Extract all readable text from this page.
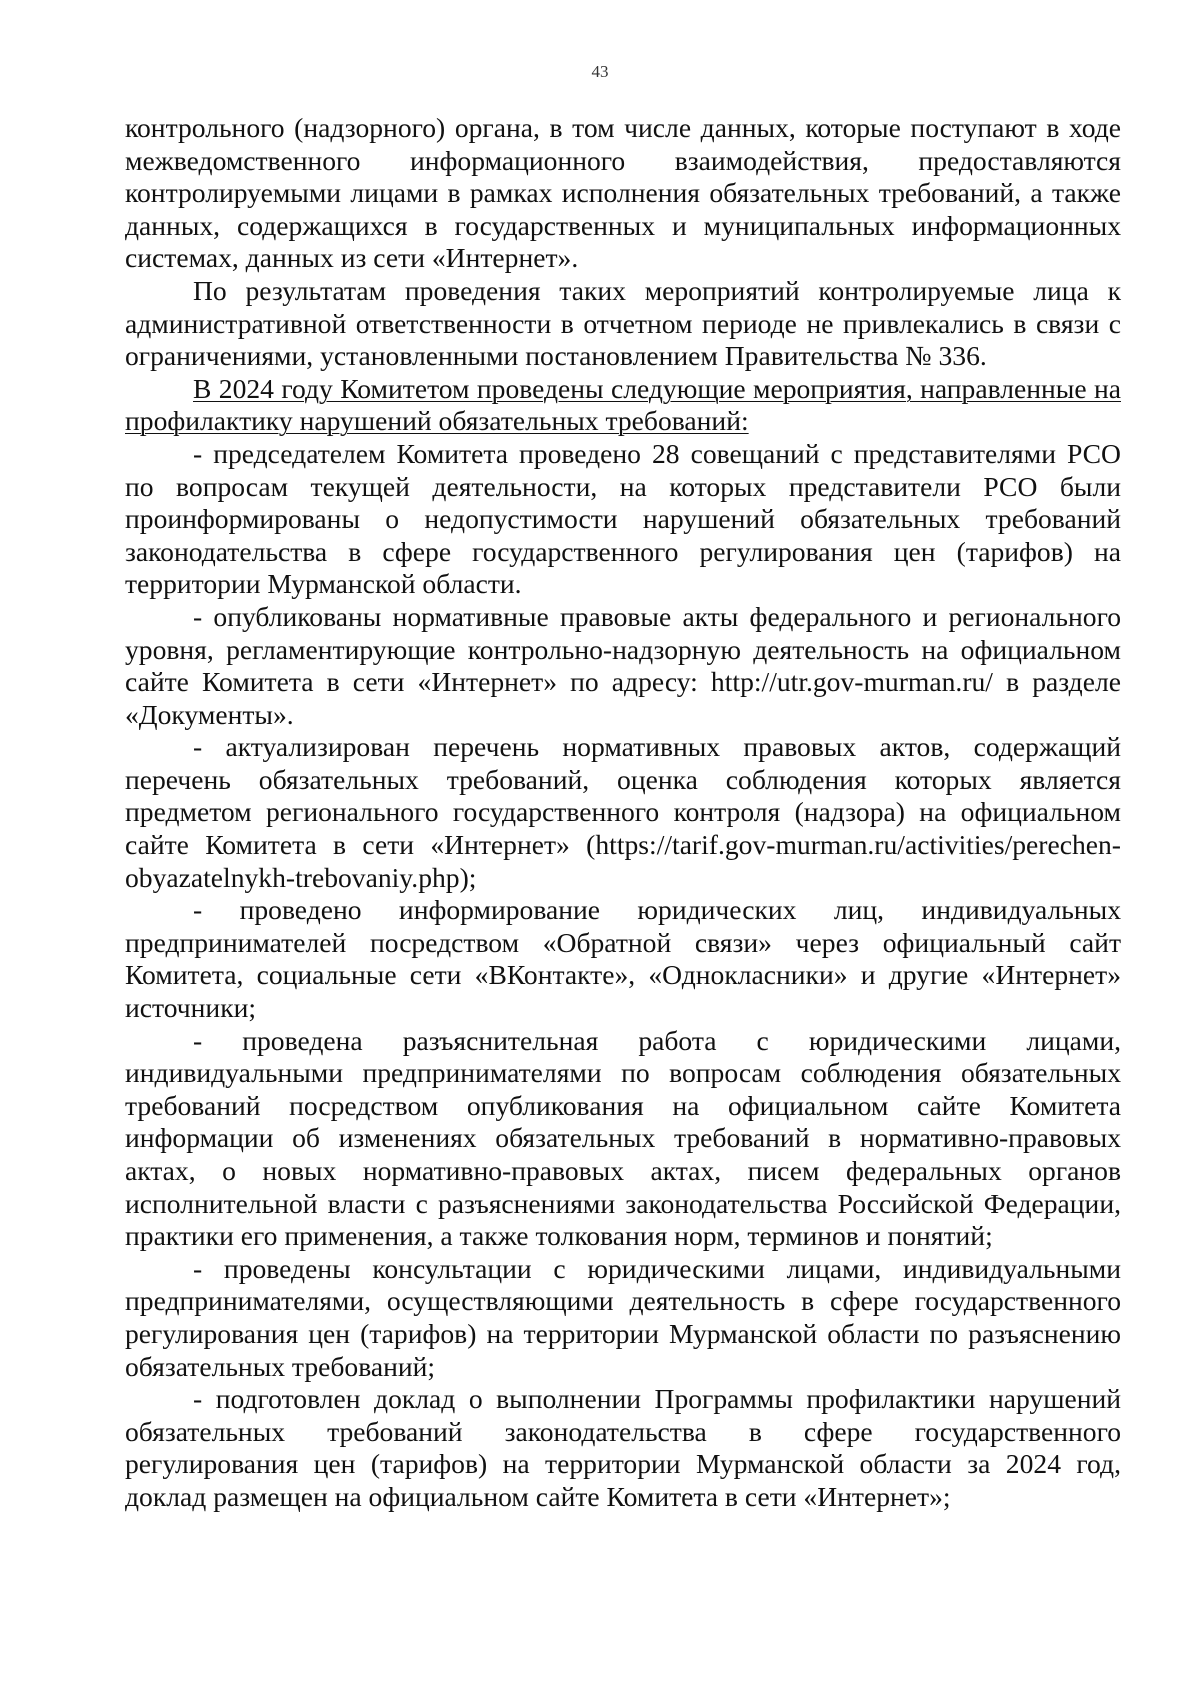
43

контрольного (надзорного) органа, в том числе данных, которые поступают в ходе межведомственного информационного взаимодействия, предоставляются контролируемыми лицами в рамках исполнения обязательных требований, а также данных, содержащихся в государственных и муниципальных информационных системах, данных из сети «Интернет».

По результатам проведения таких мероприятий контролируемые лица к административной ответственности в отчетном периоде не привлекались в связи с ограничениями, установленными постановлением Правительства № 336.

В 2024 году Комитетом проведены следующие мероприятия, направленные на профилактику нарушений обязательных требований:

- председателем Комитета проведено 28 совещаний с представителями РСО по вопросам текущей деятельности, на которых представители РСО были проинформированы о недопустимости нарушений обязательных требований законодательства в сфере государственного регулирования цен (тарифов) на территории Мурманской области.

- опубликованы нормативные правовые акты федерального и регионального уровня, регламентирующие контрольно-надзорную деятельность на официальном сайте Комитета в сети «Интернет» по адресу: http://utr.gov-murman.ru/ в разделе «Документы».

- актуализирован перечень нормативных правовых актов, содержащий перечень обязательных требований, оценка соблюдения которых является предметом регионального государственного контроля (надзора) на официальном сайте Комитета в сети «Интернет» (https://tarif.gov-murman.ru/activities/perechen-obyazatelnykh-trebovaniy.php);

- проведено информирование юридических лиц, индивидуальных предпринимателей посредством «Обратной связи» через официальный сайт Комитета, социальные сети «ВКонтакте», «Однокласники» и другие «Интернет» источники;

- проведена разъяснительная работа с юридическими лицами, индивидуальными предпринимателями по вопросам соблюдения обязательных требований посредством опубликования на официальном сайте Комитета информации об изменениях обязательных требований в нормативно-правовых актах, о новых нормативно-правовых актах, писем федеральных органов исполнительной власти с разъяснениями законодательства Российской Федерации, практики его применения, а также толкования норм, терминов и понятий;

- проведены консультации с юридическими лицами, индивидуальными предпринимателями, осуществляющими деятельность в сфере государственного регулирования цен (тарифов) на территории Мурманской области по разъяснению обязательных требований;

- подготовлен доклад о выполнении Программы профилактики нарушений обязательных требований законодательства в сфере государственного регулирования цен (тарифов) на территории Мурманской области за 2024 год, доклад размещен на официальном сайте Комитета в сети «Интернет»;
